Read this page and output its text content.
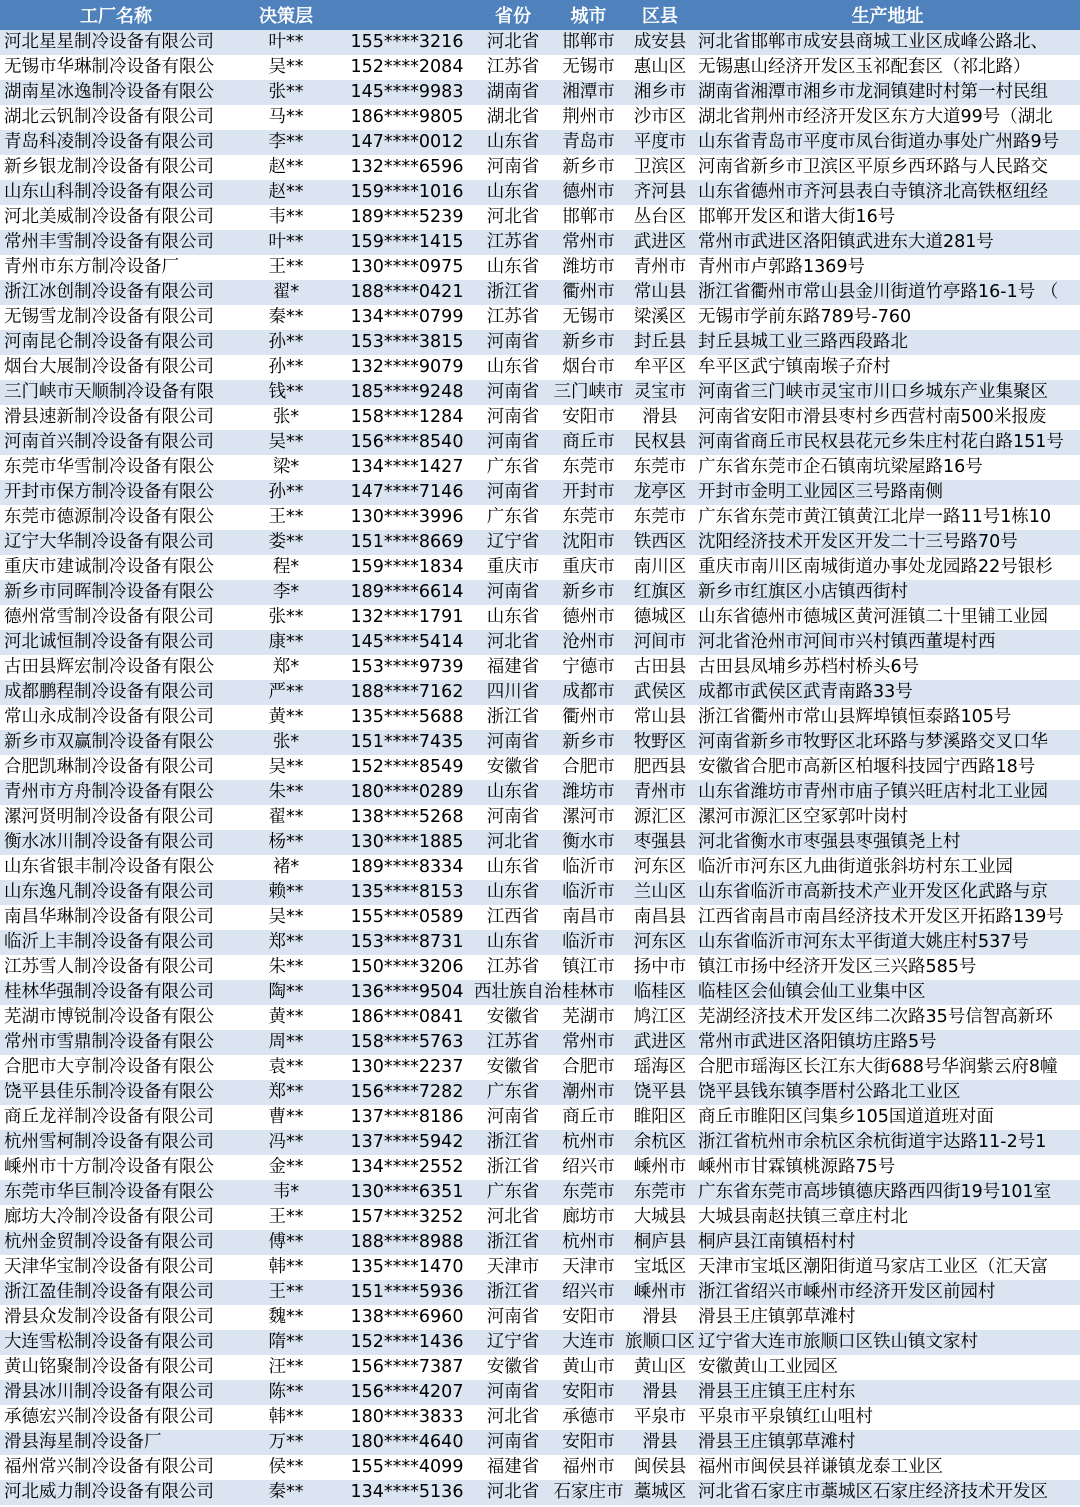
工厂名称	决策层		省份	城市	区县	生产地址
河北星星制冷设备有限公司	叶**	155****3216	河北省	邯郸市	成安县	河北省邯郸市成安县商城工业区成峰公路北、
无锡市华琳制冷设备有限公	吴**	152****2084	江苏省	无锡市	惠山区	无锡惠山经济开发区玉祁配套区（祁北路）
湖南星冰逸制冷设备有限公	张**	145****9983	湖南省	湘潭市	湘乡市	湖南省湘潭市湘乡市龙洞镇建时村第一村民组
湖北云钒制冷设备有限公司	马**	186****9805	湖北省	荆州市	沙市区	湖北省荆州市经济开发区东方大道99号（湖北
青岛科凌制冷设备有限公司	李**	147****0012	山东省	青岛市	平度市	山东省青岛市平度市凤台街道办事处广州路9号
新乡银龙制冷设备有限公司	赵**	132****6596	河南省	新乡市	卫滨区	河南省新乡市卫滨区平原乡西环路与人民路交
山东山科制冷设备有限公司	赵**	159****1016	山东省	德州市	齐河县	山东省德州市齐河县表白寺镇济北高铁枢纽经
河北美威制冷设备有限公司	韦**	189****5239	河北省	邯郸市	丛台区	邯郸开发区和谐大街16号
常州丰雪制冷设备有限公司	叶**	159****1415	江苏省	常州市	武进区	常州市武进区洛阳镇武进东大道281号
青州市东方制冷设备厂	王**	130****0975	山东省	潍坊市	青州市	青州市卢郭路1369号
浙江冰创制冷设备有限公司	翟*	188****0421	浙江省	衢州市	常山县	浙江省衢州市常山县金川街道竹亭路16-1号 （
无锡雪龙制冷设备有限公司	秦**	134****0799	江苏省	无锡市	梁溪区	无锡市学前东路789号-760
河南昆仑制冷设备有限公司	孙**	153****3815	河南省	新乡市	封丘县	封丘县城工业三路西段路北
烟台大展制冷设备有限公司	孙**	132****9079	山东省	烟台市	牟平区	牟平区武宁镇南堠子夼村
三门峡市天顺制冷设备有限	钱**	185****9248	河南省	三门峡市	灵宝市	河南省三门峡市灵宝市川口乡城东产业集聚区
滑县速新制冷设备有限公司	张*	158****1284	河南省	安阳市	滑县	河南省安阳市滑县枣村乡西营村南500米报废
河南首兴制冷设备有限公司	吴**	156****8540	河南省	商丘市	民权县	河南省商丘市民权县花元乡朱庄村花白路151号
东莞市华雪制冷设备有限公	梁*	134****1427	广东省	东莞市	东莞市	广东省东莞市企石镇南坑梁屋路16号
开封市保方制冷设备有限公	孙**	147****7146	河南省	开封市	龙亭区	开封市金明工业园区三号路南侧
东莞市德源制冷设备有限公	王**	130****3996	广东省	东莞市	东莞市	广东省东莞市黄江镇黄江北岸一路11号1栋10
辽宁大华制冷设备有限公司	娄**	151****8669	辽宁省	沈阳市	铁西区	沈阳经济技术开发区开发二十三号路70号
重庆市建诚制冷设备有限公	程*	159****1834	重庆市	重庆市	南川区	重庆市南川区南城街道办事处龙园路22号银杉
新乡市同晖制冷设备有限公	李*	189****6614	河南省	新乡市	红旗区	新乡市红旗区小店镇西街村
德州常雪制冷设备有限公司	张**	132****1791	山东省	德州市	德城区	山东省德州市德城区黄河涯镇二十里铺工业园
河北诚恒制冷设备有限公司	康**	145****5414	河北省	沧州市	河间市	河北省沧州市河间市兴村镇西董堤村西
古田县辉宏制冷设备有限公	郑*	153****9739	福建省	宁德市	古田县	古田县凤埔乡苏档村桥头6号
成都鹏程制冷设备有限公司	严**	188****7162	四川省	成都市	武侯区	成都市武侯区武青南路33号
常山永成制冷设备有限公司	黄**	135****5688	浙江省	衢州市	常山县	浙江省衢州市常山县辉埠镇恒泰路105号
新乡市双赢制冷设备有限公	张*	151****7435	河南省	新乡市	牧野区	河南省新乡市牧野区北环路与梦溪路交叉口华
合肥凯琳制冷设备有限公司	吴**	152****8549	安徽省	合肥市	肥西县	安徽省合肥市高新区柏堰科技园宁西路18号
青州市方舟制冷设备有限公	朱**	180****0289	山东省	潍坊市	青州市	山东省潍坊市青州市庙子镇兴旺店村北工业园
漯河贤明制冷设备有限公司	翟**	138****5268	河南省	漯河市	源汇区	漯河市源汇区空冢郭叶岗村
衡水冰川制冷设备有限公司	杨**	130****1885	河北省	衡水市	枣强县	河北省衡水市枣强县枣强镇尧上村
山东省银丰制冷设备有限公	褚*	189****8334	山东省	临沂市	河东区	临沂市河东区九曲街道张斜坊村东工业园
山东逸凡制冷设备有限公司	赖**	135****8153	山东省	临沂市	兰山区	山东省临沂市高新技术产业开发区化武路与京
南昌华琳制冷设备有限公司	吴**	155****0589	江西省	南昌市	南昌县	江西省南昌市南昌经济技术开发区开拓路139号
临沂上丰制冷设备有限公司	郑**	153****8731	山东省	临沂市	河东区	山东省临沂市河东太平街道大姚庄村537号
江苏雪人制冷设备有限公司	朱**	150****3206	江苏省	镇江市	扬中市	镇江市扬中经济开发区三兴路585号
桂林华强制冷设备有限公司	陶**	136****9504	西壮族自治	桂林市	临桂区	临桂区会仙镇会仙工业集中区
芜湖市博锐制冷设备有限公	黄**	186****0841	安徽省	芜湖市	鸠江区	芜湖经济技术开发区纬二次路35号信智高新环
常州市雪鼎制冷设备有限公	周**	158****5763	江苏省	常州市	武进区	常州市武进区洛阳镇坊庄路5号
合肥市大亨制冷设备有限公	袁**	130****2237	安徽省	合肥市	瑶海区	合肥市瑶海区长江东大街688号华润紫云府8幢
饶平县佳乐制冷设备有限公	郑**	156****7282	广东省	潮州市	饶平县	饶平县钱东镇李厝村公路北工业区
商丘龙祥制冷设备有限公司	曹**	137****8186	河南省	商丘市	睢阳区	商丘市睢阳区闫集乡105国道道班对面
杭州雪柯制冷设备有限公司	冯**	137****5942	浙江省	杭州市	余杭区	浙江省杭州市余杭区余杭街道宇达路11-2号1
嵊州市十方制冷设备有限公	金**	134****2552	浙江省	绍兴市	嵊州市	嵊州市甘霖镇桃源路75号
东莞市华巨制冷设备有限公	韦*	130****6351	广东省	东莞市	东莞市	广东省东莞市高埗镇德庆路西四街19号101室
廊坊大冷制冷设备有限公司	王**	157****3252	河北省	廊坊市	大城县	大城县南赵扶镇三章庄村北
杭州金贸制冷设备有限公司	傅**	188****8988	浙江省	杭州市	桐庐县	桐庐县江南镇梧村村
天津华宝制冷设备有限公司	韩**	135****1470	天津市	天津市	宝坻区	天津市宝坻区潮阳街道马家店工业区（汇天富
浙江盈佳制冷设备有限公司	王**	151****5936	浙江省	绍兴市	嵊州市	浙江省绍兴市嵊州市经济开发区前园村
滑县众发制冷设备有限公司	魏**	138****6960	河南省	安阳市	滑县	滑县王庄镇郭草滩村
大连雪松制冷设备有限公司	隋**	152****1436	辽宁省	大连市	旅顺口区	辽宁省大连市旅顺口区铁山镇文家村
黄山铭聚制冷设备有限公司	汪**	156****7387	安徽省	黄山市	黄山区	安徽黄山工业园区
滑县冰川制冷设备有限公司	陈**	156****4207	河南省	安阳市	滑县	滑县王庄镇王庄村东
承德宏兴制冷设备有限公司	韩**	180****3833	河北省	承德市	平泉市	平泉市平泉镇红山咀村
滑县海星制冷设备厂	万**	180****4640	河南省	安阳市	滑县	滑县王庄镇郭草滩村
福州常兴制冷设备有限公司	侯**	155****4099	福建省	福州市	闽侯县	福州市闽侯县祥谦镇龙泰工业区
河北威力制冷设备有限公司	秦**	134****5136	河北省	石家庄市	藁城区	河北省石家庄市藁城区石家庄经济技术开发区
